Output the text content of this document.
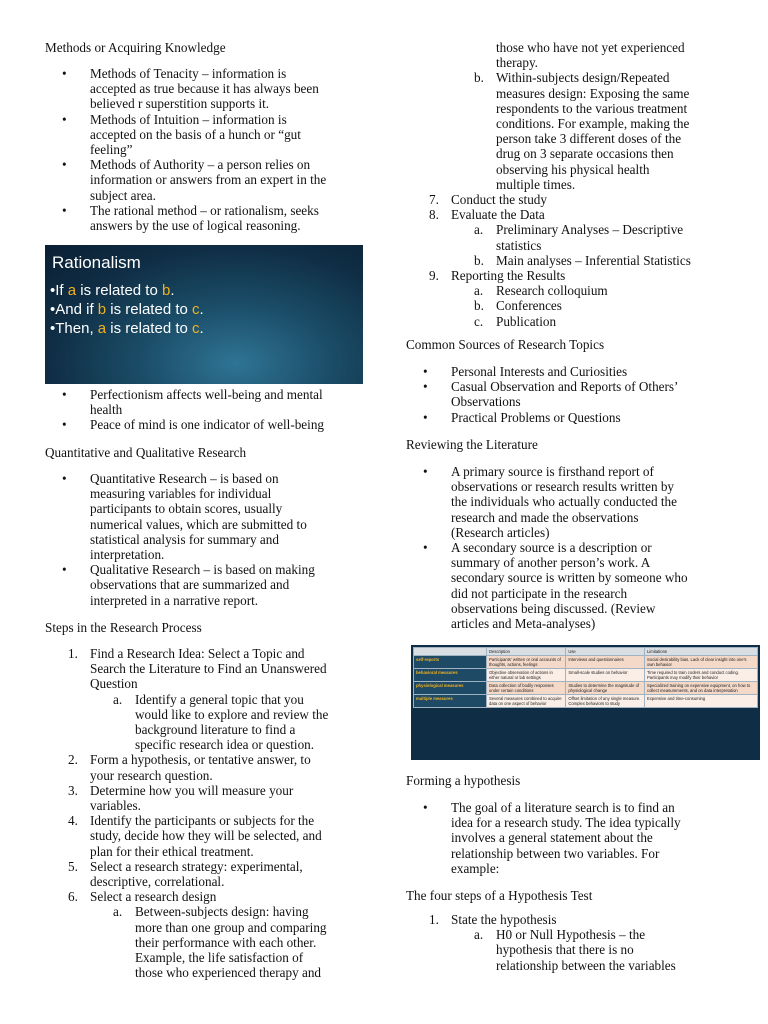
Methods or Acquiring Knowledge
• Methods of Tenacity – information is
accepted as true because it has always been
believed r superstition supports it.
• Methods of Intuition – information is
accepted on the basis of a hunch or “gut
feeling”
• Methods of Authority – a person relies on
information or answers from an expert in the
subject area.
• The rational method – or rationalism, seeks
answers by the use of logical reasoning.
• Perfectionism affects well-being and mental
health
• Peace of mind is one indicator of well-being
Quantitative and Qualitative Research
• Quantitative Research – is based on
measuring variables for individual
participants to obtain scores, usually
numerical values, which are submitted to
statistical analysis for summary and
interpretation.
• Qualitative Research – is based on making
observations that are summarized and
interpreted in a narrative report.
Steps in the Research Process
1. Find a Research Idea: Select a Topic and
Search the Literature to Find an Unanswered
Question
a. Identify a general topic that you
would like to explore and review the
background literature to find a
specific research idea or question.
2. Form a hypothesis, or tentative answer, to
your research question.
3. Determine how you will measure your
variables.
4. Identify the participants or subjects for the
study, decide how they will be selected, and
plan for their ethical treatment.
5. Select a research strategy: experimental,
descriptive, correlational.
6. Select a research design
a. Between-subjects design: having
more than one group and comparing
their performance with each other.
Example, the life satisfaction of
those who experienced therapy and
Rationalism
•If a is related to b.
•And if b is related to c.
•Then, a is related to c.
those who have not yet experienced
therapy.
b. Within-subjects design/Repeated
measures design: Exposing the same
respondents to the various treatment
conditions. For example, making the
person take 3 different doses of the
drug on 3 separate occasions then
observing his physical health
multiple times.
7. Conduct the study
8. Evaluate the Data
a. Preliminary Analyses – Descriptive
statistics
b. Main analyses – Inferential Statistics
9. Reporting the Results
a. Research colloquium
b. Conferences
c. Publication
Common Sources of Research Topics
• Personal Interests and Curiosities
• Casual Observation and Reports of Others’
Observations
• Practical Problems or Questions
Reviewing the Literature
• A primary source is firsthand report of
observations or research results written by
the individuals who actually conducted the
research and made the observations
(Research articles)
• A secondary source is a description or
summary of another person’s work. A
secondary source is written by someone who
did not participate in the research
observations being discussed. (Review
articles and Meta-analyses)
Forming a hypothesis
• The goal of a literature search is to find an
idea for a research study. The idea typically
involves a general statement about the
relationship between two variables. For
example:
The four steps of a Hypothesis Test
1. State the hypothesis
a. H0 or Null Hypothesis – the
hypothesis that there is no
relationship between the variables
	Description	Use	Limitations
self-reports	Participants' written or oral accounts of thoughts, actions, feelings	Interviews and questionnaires	Social desirability bias. Lack of clear insight into one's own behavior
behavioral measures	Objective observation of actions in either natural or lab settings	Small-scale studies on behavior	Time required to train coders and conduct coding. Participants may modify their behavior
physiological measures	Data collection of bodily responses under certain conditions	Studies to determine the magnitude of physiological change	Specialized training on expensive equipment, on how to collect measurements, and on data interpretation
multiple measures	Several measures combined to acquire data on one aspect of behavior	Offset limitation of any single measure. Complex behaviors to study	Expensive and time-consuming
